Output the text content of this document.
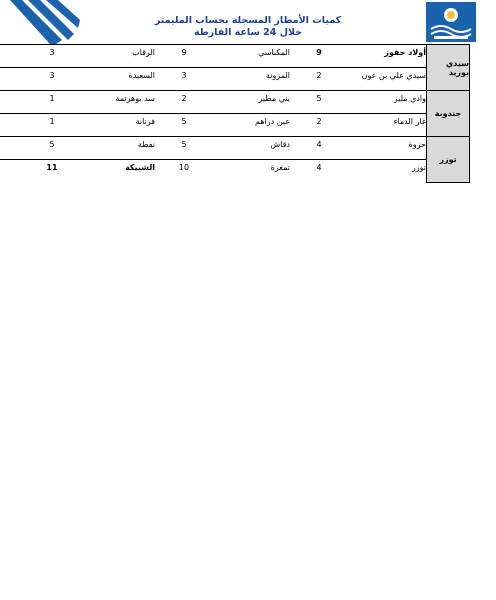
كميات الأمطار المسجلة بحساب المليمتر
خلال 24 ساعة الفارطة
أولاد حفوز
9
المكناسي
9
الرقاب
3
سيدي علي بن عون
2
المزونة
3
السعيدة
3
وادي مليز
5
بني مطير
2
سد بوهرتمة
1
غار الدماء
2
عين دراهم
5
فرنانة
1
حزوة
4
دقاش
5
نفطة
5
توزر
4
تمغزة
10
الشبيكة
11
سيدي بوزيد
جندوبة
توزر
